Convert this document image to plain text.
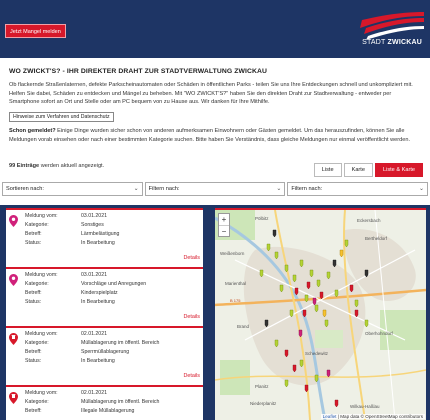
Jetzt Mangel melden
STADT ZWICKAU
WO ZWICKT'S? - IHR DIREKTER DRAHT ZUR STADTVERWALTUNG ZWICKAU
Ob flackernde Straßenlaternen, defekte Parkscheinautomaten oder Schäden in öffentlichen Parks - teilen Sie uns Ihre Entdeckungen schnell und unkompliziert mit. Helfen Sie dabei, Schäden zu entdecken und Mängel zu beheben. Mit "WO ZWICKT'S?" haben Sie den direkten Draht zur Stadtverwaltung - entweder per Smartphone sofort an Ort und Stelle oder am PC bequem von zu Hause aus. Wir danken für Ihre Mithilfe.
Hinweise zum Verfahren und Datenschutz
Schon gemeldet? Einige Dinge wurden sicher schon von anderen aufmerksamen Einwohnern oder Gästen gemeldet. Um das herauszufinden, können Sie alle Meldungen vorab einsehen oder nach einer bestimmten Kategorie suchen. Bitte haben Sie Verständnis, dass gleiche Meldungen nur einmal veröffentlicht werden.
99 Einträge werden aktuell angezeigt.
Liste	Karte	Liste & Karte
Sortieren nach:	⌄	Filtern nach:	⌄	Filtern nach:	⌄
Meldung vom:	03.01.2021
Kategorie:	Sonstiges
Betreff:	Lärmbelästigung
Status:	In Bearbeitung
Details
Meldung vom:	03.01.2021
Kategorie:	Vorschläge und Anregungen
Betreff:	Kinderspielplatz
Status:	In Bearbeitung
Details
Meldung vom:	02.01.2021
Kategorie:	Müllablagerung im öffentl. Bereich
Betreff:	Sperrmüllablagerung
Status:	In Bearbeitung
Details
Meldung vom:	02.01.2021
Kategorie:	Müllablagerung im öffentl. Bereich
Betreff:	Illegale Müllablagerung
Eckersbach
Bertheldorf
Pölbitz
Weißenborn
Marienthal
Oberhohndorf
Planitz
Schedewitz
Brand
Niederplanitz
Wilkau-Haßlau
B 175
+
−
Leaflet | Map data © OpenStreetMap contributors
